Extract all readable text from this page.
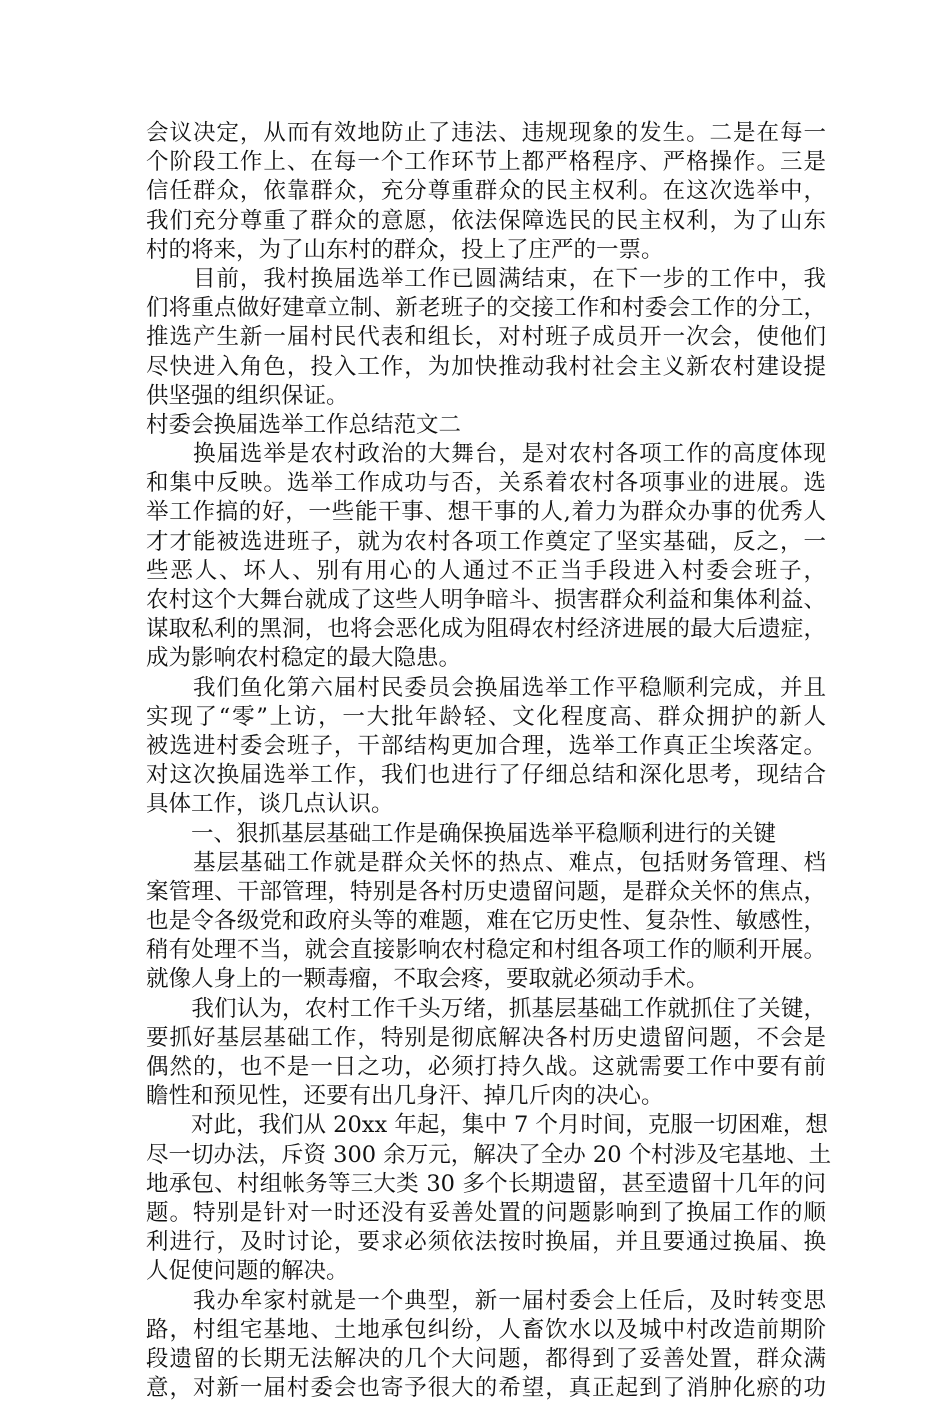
会议决定，从而有效地防止了违法、违规现象的发生。二是在每一
个阶段工作上、在每一个工作环节上都严格程序、严格操作。三是
信任群众，依靠群众，充分尊重群众的民主权利。在这次选举中，
我们充分尊重了群众的意愿，依法保障选民的民主权利，为了山东
村的将来，为了山东村的群众，投上了庄严的一票。
　　目前，我村换届选举工作已圆满结束，在下一步的工作中，我
们将重点做好建章立制、新老班子的交接工作和村委会工作的分工，
推选产生新一届村民代表和组长，对村班子成员开一次会，使他们
尽快进入角色，投入工作，为加快推动我村社会主义新农村建设提
供坚强的组织保证。
村委会换届选举工作总结范文二
　　换届选举是农村政治的大舞台，是对农村各项工作的高度体现
和集中反映。选举工作成功与否，关系着农村各项事业的进展。选
举工作搞的好，一些能干事、想干事的人,着力为群众办事的优秀人
才才能被选进班子，就为农村各项工作奠定了坚实基础，反之，一
些恶人、坏人、别有用心的人通过不正当手段进入村委会班子，
农村这个大舞台就成了这些人明争暗斗、损害群众利益和集体利益、
谋取私利的黑洞，也将会恶化成为阻碍农村经济进展的最大后遗症，
成为影响农村稳定的最大隐患。
　　我们鱼化第六届村民委员会换届选举工作平稳顺利完成，并且
实现了“零”上访，一大批年龄轻、文化程度高、群众拥护的新人
被选进村委会班子，干部结构更加合理，选举工作真正尘埃落定。
对这次换届选举工作，我们也进行了仔细总结和深化思考，现结合
具体工作，谈几点认识。
　　一、狠抓基层基础工作是确保换届选举平稳顺利进行的关键
　　基层基础工作就是群众关怀的热点、难点，包括财务管理、档
案管理、干部管理，特别是各村历史遗留问题，是群众关怀的焦点，
也是令各级党和政府头等的难题，难在它历史性、复杂性、敏感性，
稍有处理不当，就会直接影响农村稳定和村组各项工作的顺利开展。
就像人身上的一颗毒瘤，不取会疼，要取就必须动手术。
　　我们认为，农村工作千头万绪，抓基层基础工作就抓住了关键，
要抓好基层基础工作，特别是彻底解决各村历史遗留问题，不会是
偶然的，也不是一日之功，必须打持久战。这就需要工作中要有前
瞻性和预见性，还要有出几身汗、掉几斤肉的决心。
　　对此，我们从 20xx 年起，集中 7 个月时间，克服一切困难，想
尽一切办法，斥资 300 余万元，解决了全办 20 个村涉及宅基地、土
地承包、村组帐务等三大类 30 多个长期遗留，甚至遗留十几年的问
题。特别是针对一时还没有妥善处置的问题影响到了换届工作的顺
利进行，及时讨论，要求必须依法按时换届，并且要通过换届、换
人促使问题的解决。
　　我办牟家村就是一个典型，新一届村委会上任后，及时转变思
路，村组宅基地、土地承包纠纷，人畜饮水以及城中村改造前期阶
段遗留的长期无法解决的几个大问题，都得到了妥善处置，群众满
意，对新一届村委会也寄予很大的希望，真正起到了消肿化瘀的功
